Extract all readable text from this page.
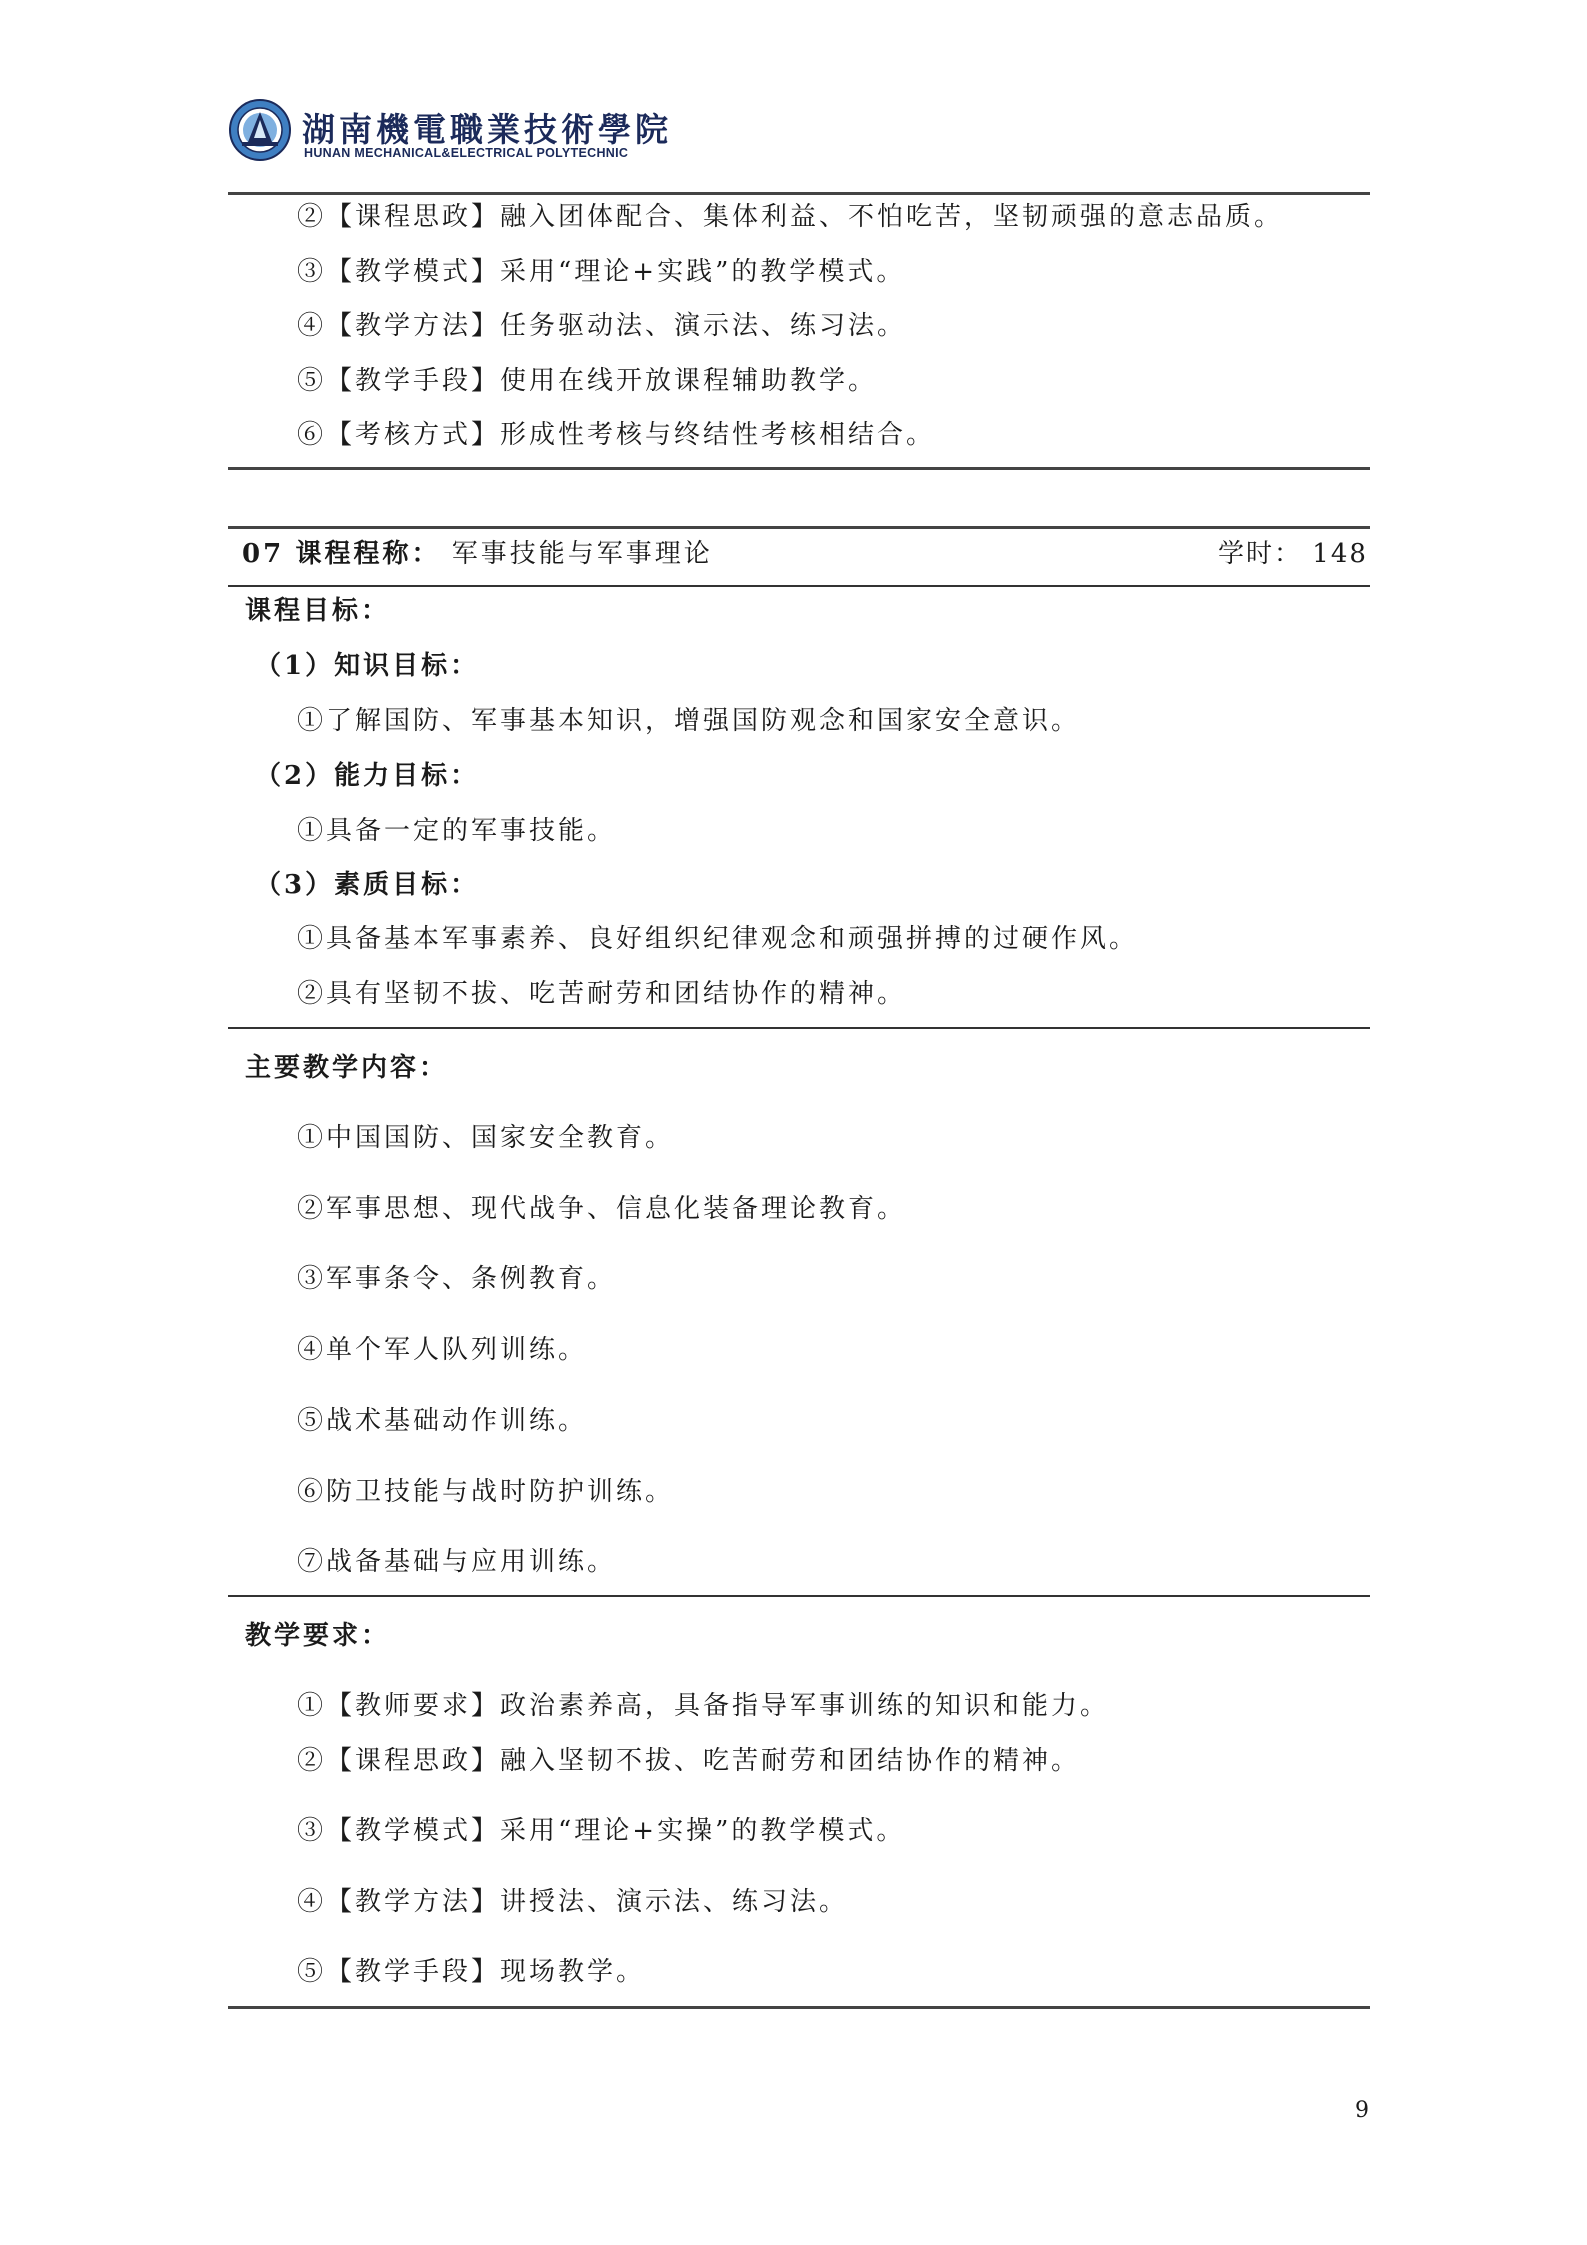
湖南機電職業技術學院
HUNAN MECHANICAL&ELECTRICAL POLYTECHNIC
②【课程思政】融入团体配合、集体利益、不怕吃苦，坚韧顽强的意志品质。
③【教学模式】采用“理论+实践”的教学模式。
④【教学方法】任务驱动法、演示法、练习法。
⑤【教学手段】使用在线开放课程辅助教学。
⑥【考核方式】形成性考核与终结性考核相结合。
07 课程程称： 军事技能与军事理论	学时： 148
课程目标：
（1）知识目标：
①了解国防、军事基本知识，增强国防观念和国家安全意识。
（2）能力目标：
①具备一定的军事技能。
（3）素质目标：
①具备基本军事素养、良好组织纪律观念和顽强拼搏的过硬作风。
②具有坚韧不拔、吃苦耐劳和团结协作的精神。
主要教学内容：
①中国国防、国家安全教育。
②军事思想、现代战争、信息化装备理论教育。
③军事条令、条例教育。
④单个军人队列训练。
⑤战术基础动作训练。
⑥防卫技能与战时防护训练。
⑦战备基础与应用训练。
教学要求：
①【教师要求】政治素养高，具备指导军事训练的知识和能力。
②【课程思政】融入坚韧不拔、吃苦耐劳和团结协作的精神。
③【教学模式】采用“理论+实操”的教学模式。
④【教学方法】讲授法、演示法、练习法。
⑤【教学手段】现场教学。
9
